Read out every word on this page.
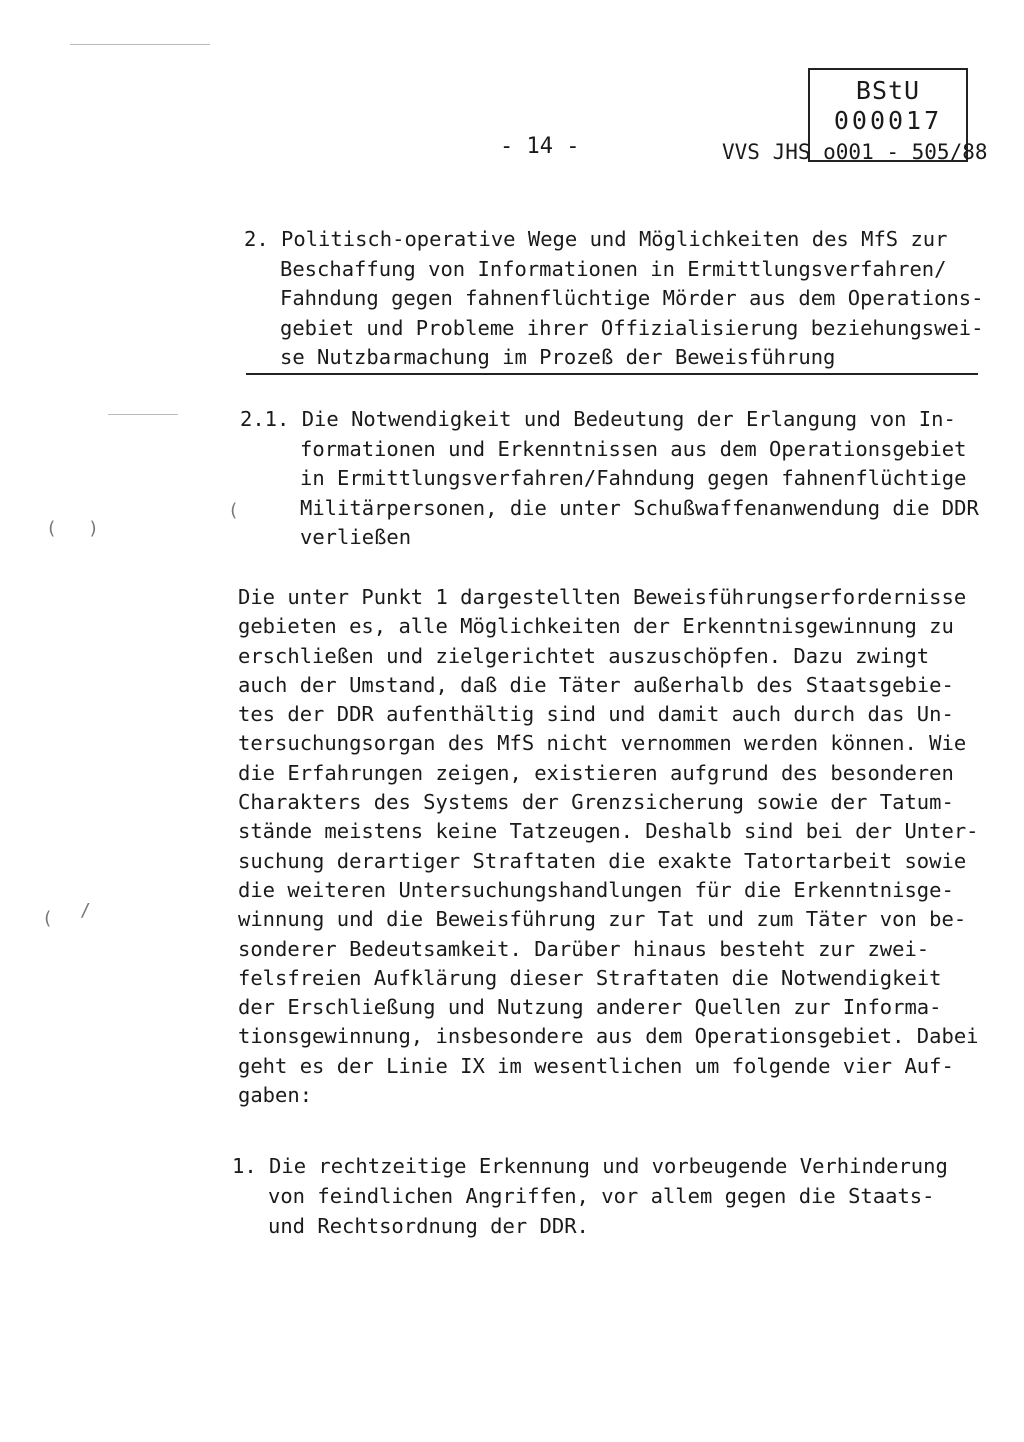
( )
(
( /
BStU
000017
- 14 -	VVS JHS o001 - 505/88
2. Politisch-operative Wege und Möglichkeiten des MfS zur
Beschaffung von Informationen in Ermittlungsverfahren/
Fahndung gegen fahnenflüchtige Mörder aus dem Operations-
gebiet und Probleme ihrer Offizialisierung beziehungswei-
se Nutzbarmachung im Prozeß der Beweisführung
2.1. Die Notwendigkeit und Bedeutung der Erlangung von In-
formationen und Erkenntnissen aus dem Operationsgebiet
in Ermittlungsverfahren/Fahndung gegen fahnenflüchtige
Militärpersonen, die unter Schußwaffenanwendung die DDR
verließen
Die unter Punkt 1 dargestellten Beweisführungserfordernisse
gebieten es, alle Möglichkeiten der Erkenntnisgewinnung zu
erschließen und zielgerichtet auszuschöpfen. Dazu zwingt
auch der Umstand, daß die Täter außerhalb des Staatsgebie-
tes der DDR aufenthältig sind und damit auch durch das Un-
tersuchungsorgan des MfS nicht vernommen werden können. Wie
die Erfahrungen zeigen, existieren aufgrund des besonderen
Charakters des Systems der Grenzsicherung sowie der Tatum-
stände meistens keine Tatzeugen. Deshalb sind bei der Unter-
suchung derartiger Straftaten die exakte Tatortarbeit sowie
die weiteren Untersuchungshandlungen für die Erkenntnisge-
winnung und die Beweisführung zur Tat und zum Täter von be-
sonderer Bedeutsamkeit. Darüber hinaus besteht zur zwei-
felsfreien Aufklärung dieser Straftaten die Notwendigkeit
der Erschließung und Nutzung anderer Quellen zur Informa-
tionsgewinnung, insbesondere aus dem Operationsgebiet. Dabei
geht es der Linie IX im wesentlichen um folgende vier Auf-
gaben:
1. Die rechtzeitige Erkennung und vorbeugende Verhinderung
von feindlichen Angriffen, vor allem gegen die Staats-
und Rechtsordnung der DDR.
